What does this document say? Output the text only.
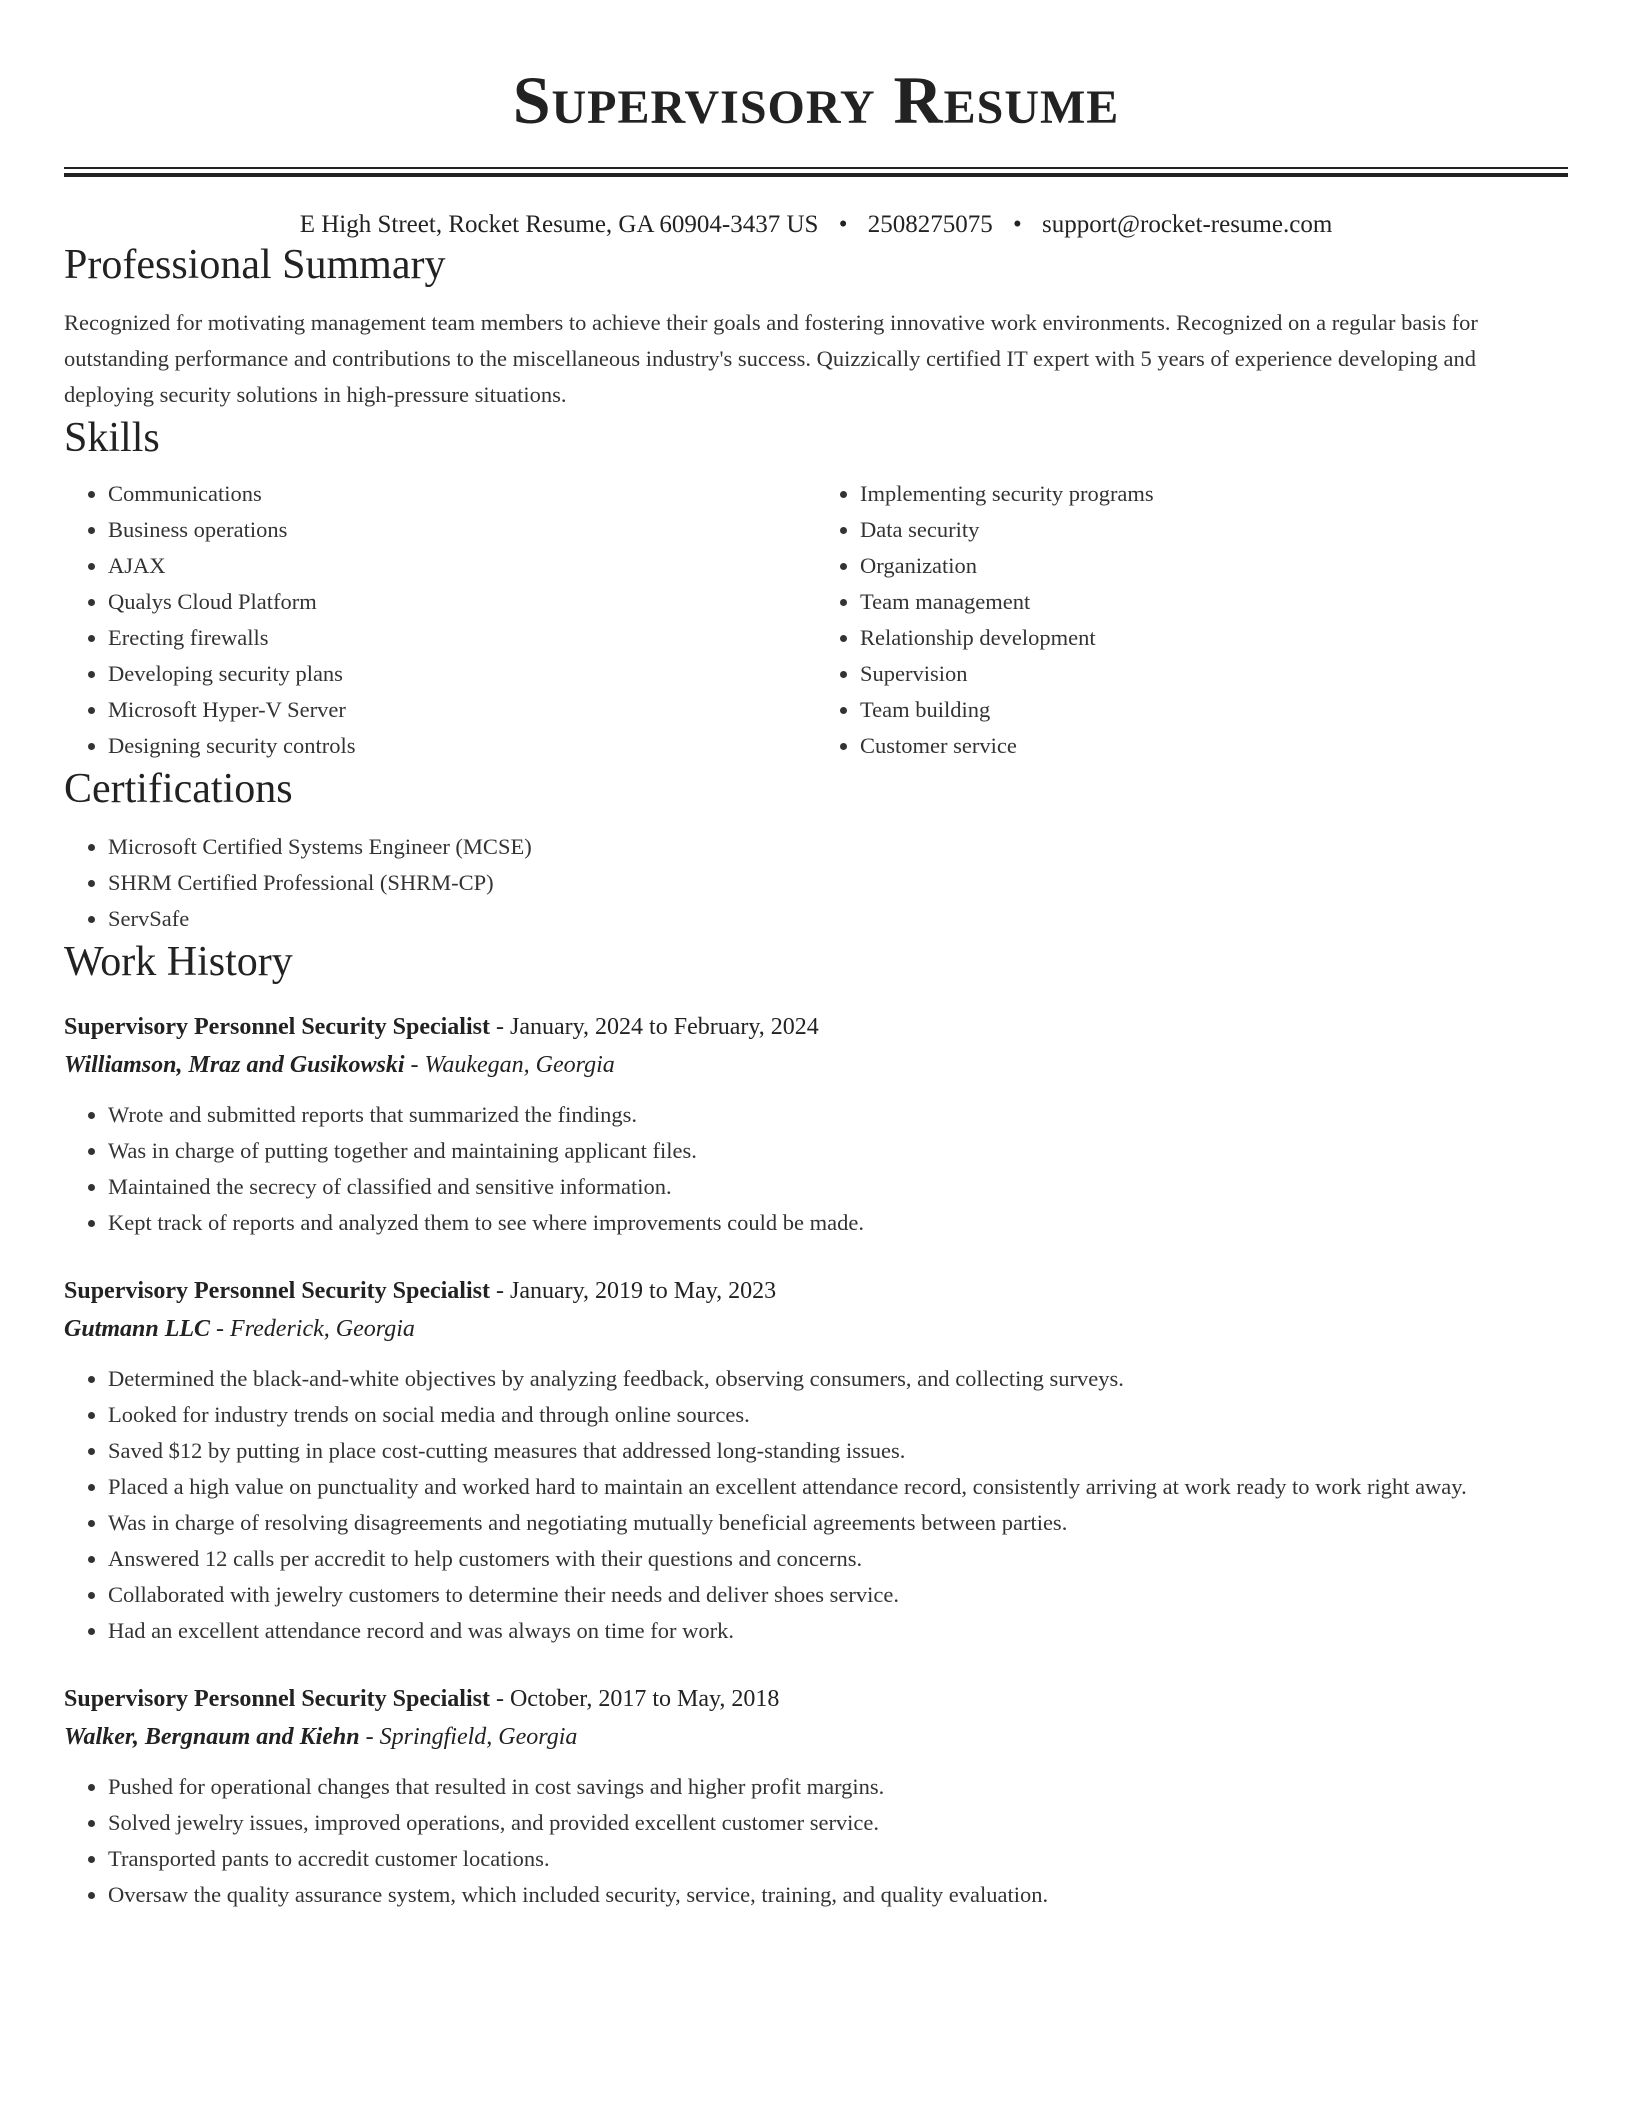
Supervisory Resume
E High Street, Rocket Resume, GA 60904-3437 US • 2508275075 • support@rocket-resume.com
Professional Summary

Recognized for motivating management team members to achieve their goals and fostering innovative work environments. Recognized on a regular basis for outstanding performance and contributions to the miscellaneous industry's success. Quizzically certified IT expert with 5 years of experience developing and deploying security solutions in high-pressure situations.

Skills
• Communications
• Business operations
• AJAX
• Qualys Cloud Platform
• Erecting firewalls
• Developing security plans
• Microsoft Hyper-V Server
• Designing security controls
• Implementing security programs
• Data security
• Organization
• Team management
• Relationship development
• Supervision
• Team building
• Customer service
Certifications
• Microsoft Certified Systems Engineer (MCSE)
• SHRM Certified Professional (SHRM-CP)
• ServSafe
Work History
Supervisory Personnel Security Specialist - January, 2024 to February, 2024
Williamson, Mraz and Gusikowski - Waukegan, Georgia
• Wrote and submitted reports that summarized the findings.
• Was in charge of putting together and maintaining applicant files.
• Maintained the secrecy of classified and sensitive information.
• Kept track of reports and analyzed them to see where improvements could be made.
Supervisory Personnel Security Specialist - January, 2019 to May, 2023
Gutmann LLC - Frederick, Georgia
• Determined the black-and-white objectives by analyzing feedback, observing consumers, and collecting surveys.
• Looked for industry trends on social media and through online sources.
• Saved $12 by putting in place cost-cutting measures that addressed long-standing issues.
• Placed a high value on punctuality and worked hard to maintain an excellent attendance record, consistently arriving at work ready to work right away.
• Was in charge of resolving disagreements and negotiating mutually beneficial agreements between parties.
• Answered 12 calls per accredit to help customers with their questions and concerns.
• Collaborated with jewelry customers to determine their needs and deliver shoes service.
• Had an excellent attendance record and was always on time for work.
Supervisory Personnel Security Specialist - October, 2017 to May, 2018
Walker, Bergnaum and Kiehn - Springfield, Georgia
• Pushed for operational changes that resulted in cost savings and higher profit margins.
• Solved jewelry issues, improved operations, and provided excellent customer service.
• Transported pants to accredit customer locations.
• Oversaw the quality assurance system, which included security, service, training, and quality evaluation.
